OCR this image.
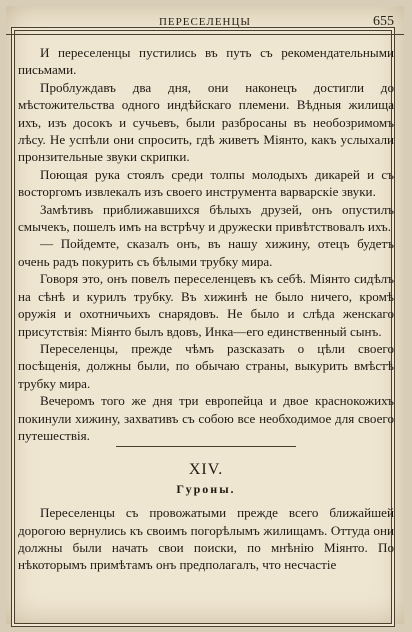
ПЕРЕСЕЛЕНЦЫ	655

И переселенцы пустились въ путь съ рекомендательными письмами.

Проблуждавъ два дня, они наконецъ достигли до мѣстожительства одного индѣйскаго племени. Вѣдныя жилища ихъ, изъ досокъ и сучьевъ, были разбросаны въ необозримомъ лѣсу. Не успѣли они спросить, гдѣ живетъ Міянто, какъ услыхали пронзительные звуки скрипки.

Поющая рука стоялъ среди толпы молодыхъ дикарей и съ восторгомъ извлекалъ изъ своего инструмента варварскіе звуки.

Замѣтивъ приближавшихся бѣлыхъ друзей, онъ опустилъ смычекъ, пошелъ имъ на встрѣчу и дружески привѣтствовалъ ихъ.

— Пойдемте, сказалъ онъ, въ нашу хижину, отецъ будетъ очень радъ покурить съ бѣлыми трубку мира.

Говоря это, онъ повелъ переселенцевъ къ себѣ. Міянто сидѣлъ на сѣнѣ и курилъ трубку. Въ хижинѣ не было ничего, кромѣ оружія и охотничьихъ снарядовъ. Не было и слѣда женскаго присутствія: Міянто былъ вдовъ, Инка—его единственный сынъ.

Переселенцы, прежде чѣмъ разсказать о цѣли своего посѣщенія, должны были, по обычаю страны, выкурить вмѣстѣ трубку мира.

Вечеромъ того же дня три европейца и двое краснокожихъ покинули хижину, захвативъ съ собою все необходимое для своего путешествія.

XIV.
Гуроны.

Переселенцы съ провожатыми прежде всего ближайшей дорогою вернулись къ своимъ погорѣлымъ жилищамъ. Оттуда они должны были начать свои поиски, по мнѣнію Міянто. По нѣкоторымъ примѣтамъ онъ предполагалъ, что несчастіе
